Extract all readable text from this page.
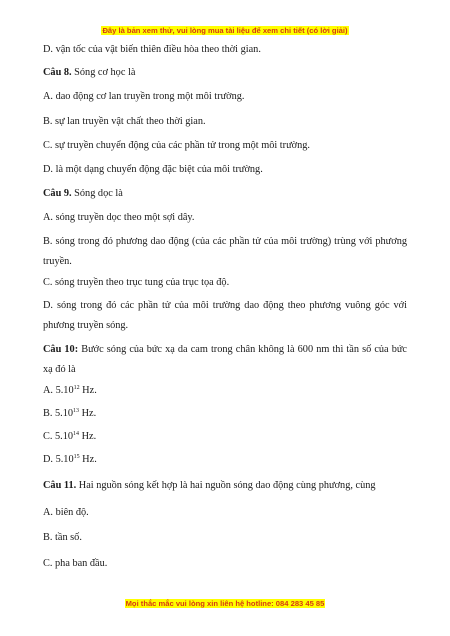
Đây là bản xem thử, vui lòng mua tài liệu để xem chi tiết (có lời giải)
D. vận tốc của vật biến thiên điều hòa theo thời gian.
Câu 8. Sóng cơ học là
A. dao động cơ lan truyền trong một môi trường.
B. sự lan truyền vật chất theo thời gian.
C. sự truyền chuyển động của các phần tử trong một môi trường.
D. là một dạng chuyển động đặc biệt của môi trường.
Câu 9. Sóng dọc là
A. sóng truyền dọc theo một sợi dây.
B. sóng trong đó phương dao động (của các phần tử của môi trường) trùng với phương truyền.
C. sóng truyền theo trục tung của trục tọa độ.
D. sóng trong đó các phần tử của môi trường dao động theo phương vuông góc với phương truyền sóng.
Câu 10: Bước sóng của bức xạ da cam trong chân không là 600 nm thì tần số của bức xạ đó là
A. 5.10$^{12}$ Hz.
B. 5.10$^{13}$ Hz.
C. 5.10$^{14}$ Hz.
D. 5.10$^{15}$ Hz.
Câu 11. Hai nguồn sóng kết hợp là hai nguồn sóng dao động cùng phương, cùng
A. biên độ.
B. tần số.
C. pha ban đầu.
Mọi thắc mắc vui lòng xin liên hệ hotline: 084 283 45 85
